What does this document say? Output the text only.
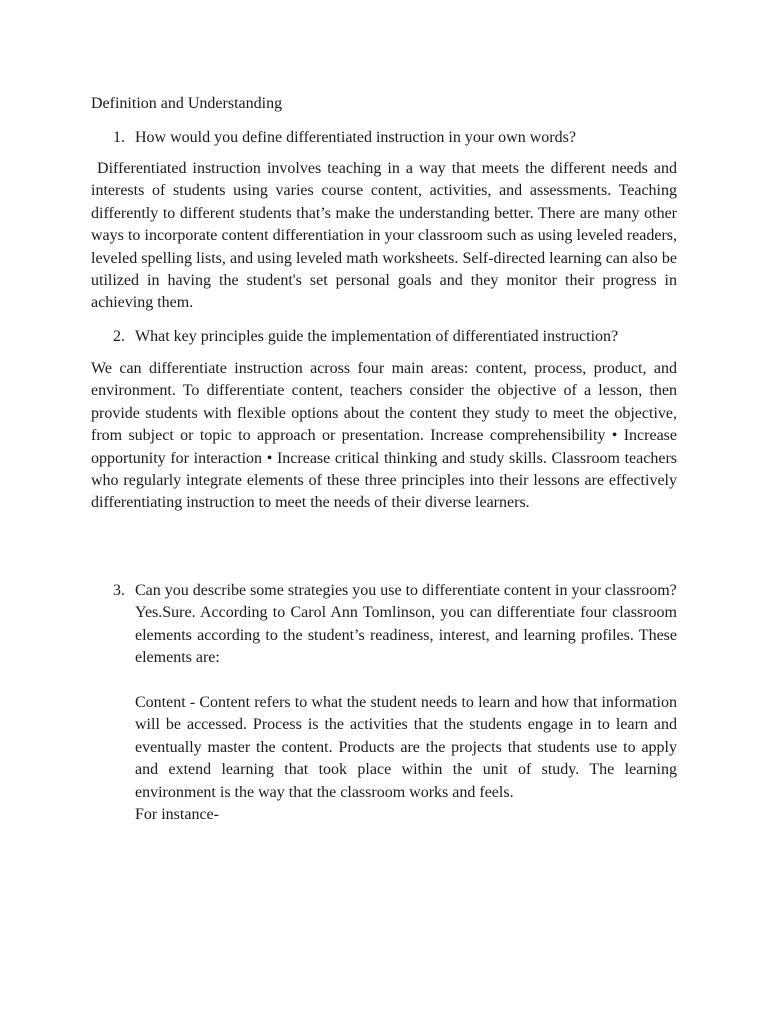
Definition and Understanding
1. How would you define differentiated instruction in your own words?

Differentiated instruction involves teaching in a way that meets the different needs and interests of students using varies course content, activities, and assessments. Teaching differently to different students that’s make the understanding better. There are many other ways to incorporate content differentiation in your classroom such as using leveled readers, leveled spelling lists, and using leveled math worksheets. Self-directed learning can also be utilized in having the student's set personal goals and they monitor their progress in achieving them.

2. What key principles guide the implementation of differentiated instruction?

We can differentiate instruction across four main areas: content, process, product, and environment. To differentiate content, teachers consider the objective of a lesson, then provide students with flexible options about the content they study to meet the objective, from subject or topic to approach or presentation. Increase comprehensibility • Increase opportunity for interaction • Increase critical thinking and study skills. Classroom teachers who regularly integrate elements of these three principles into their lessons are effectively differentiating instruction to meet the needs of their diverse learners.

3. Can you describe some strategies you use to differentiate content in your classroom?

Yes.Sure. According to Carol Ann Tomlinson, you can differentiate four classroom elements according to the student’s readiness, interest, and learning profiles. These elements are:

Content - Content refers to what the student needs to learn and how that information will be accessed. Process is the activities that the students engage in to learn and eventually master the content. Products are the projects that students use to apply and extend learning that took place within the unit of study. The learning environment is the way that the classroom works and feels.

For instance-
